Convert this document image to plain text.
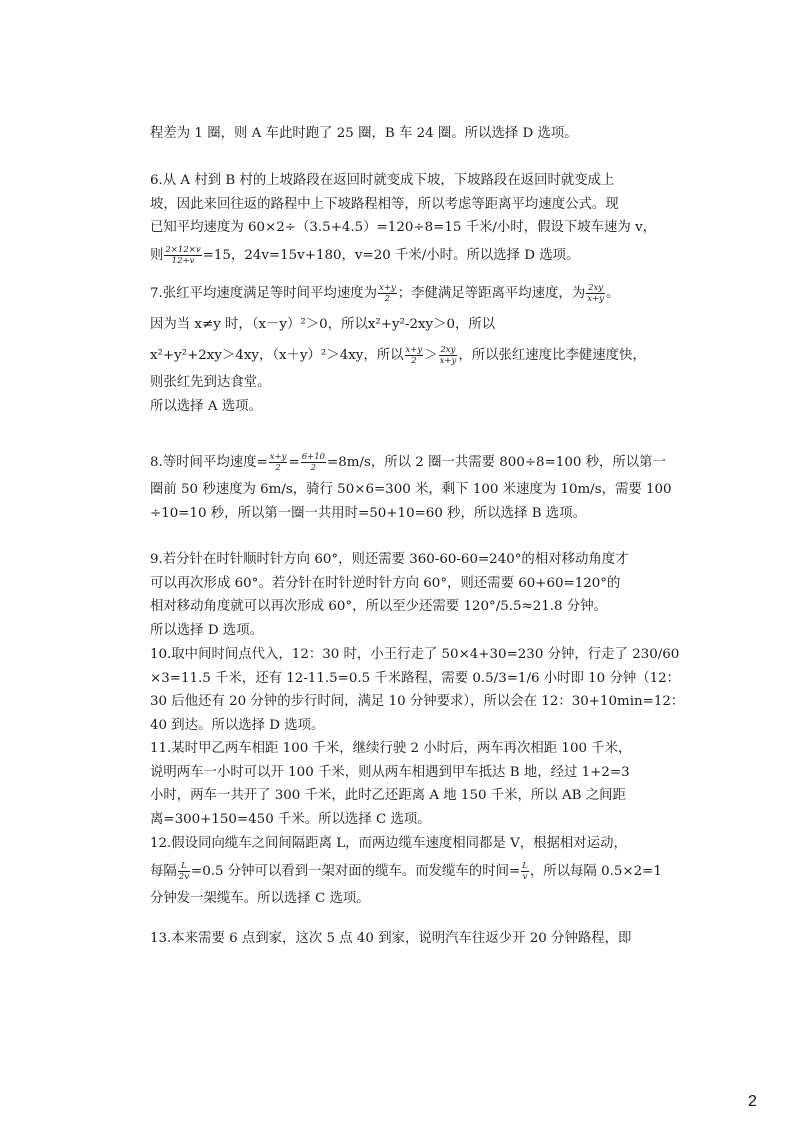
程差为 1 圈，则 A 车此时跑了 25 圈，B 车 24 圈。所以选择 D 选项。
6.从 A 村到 B 村的上坡路段在返回时就变成下坡，下坡路段在返回时就变成上
坡，因此来回往返的路程中上下坡路程相等，所以考虑等距离平均速度公式。现
已知平均速度为 60×2÷（3.5+4.5）=120÷8=15 千米/小时，假设下坡车速为 v，
则 $\frac{2\times 12\times v}{12+v} =15$，24v=15v+180，v=20 千米/小时。所以选择 D 选项。
7.张红平均速度满足等时间平均速度为 $\frac{x+y}{2}$ ；李健满足等距离平均速度，为 $\frac{2xy}{x+y}$ 。
因为当 x≠y 时，（x－y）²＞0，所以x²+y²-2xy＞0，所以
x²+y²+2xy＞4xy，（x＋y）²＞4xy，所以 $\frac{x+y}{2} > \frac{2xy}{x+y}$ ，所以张红速度比李健速度快，
则张红先到达食堂。
所以选择 A 选项。
8.等时间平均速度= $\frac{x+y}{2} = \frac{6+10}{2} =8m/s$，所以 2 圈一共需要 800÷8=100 秒，所以第一
圈前 50 秒速度为 6m/s，骑行 50×6=300 米，剩下 100 米速度为 10m/s，需要 100
÷10=10 秒，所以第一圈一共用时=50+10=60 秒，所以选择 B 选项。
9.若分针在时针顺时针方向 60°，则还需要 360-60-60=240°的相对移动角度才
可以再次形成 60°。若分针在时针逆时针方向 60°，则还需要 60+60=120°的
相对移动角度就可以再次形成 60°，所以至少还需要 120°/5.5≈21.8 分钟。
所以选择 D 选项。
10.取中间时间点代入，12：30 时，小王行走了 50×4+30=230 分钟，行走了 230/60
×3=11.5 千米，还有 12-11.5=0.5 千米路程，需要 0.5/3=1/6 小时即 10 分钟（12：
30 后他还有 20 分钟的步行时间，满足 10 分钟要求），所以会在 12：30+10min=12：
40 到达。所以选择 D 选项。
11.某时甲乙两车相距 100 千米，继续行驶 2 小时后，两车再次相距 100 千米，
说明两车一小时可以开 100 千米，则从两车相遇到甲车抵达 B 地，经过 1+2=3
小时，两车一共开了 300 千米，此时乙还距离 A 地 150 千米，所以 AB 之间距
离=300+150=450 千米。所以选择 C 选项。
12.假设同向缆车之间间隔距离 L，而两边缆车速度相同都是 V，根据相对运动，
每隔 $\frac{L}{2v} =0.5$ 分钟可以看到一架对面的缆车。而发缆车的时间= $\frac{L}{v}$ ，所以每隔 0.5×2=1
分钟发一架缆车。所以选择 C 选项。
13.本来需要 6 点到家，这次 5 点 40 到家，说明汽车往返少开 20 分钟路程，即
2
